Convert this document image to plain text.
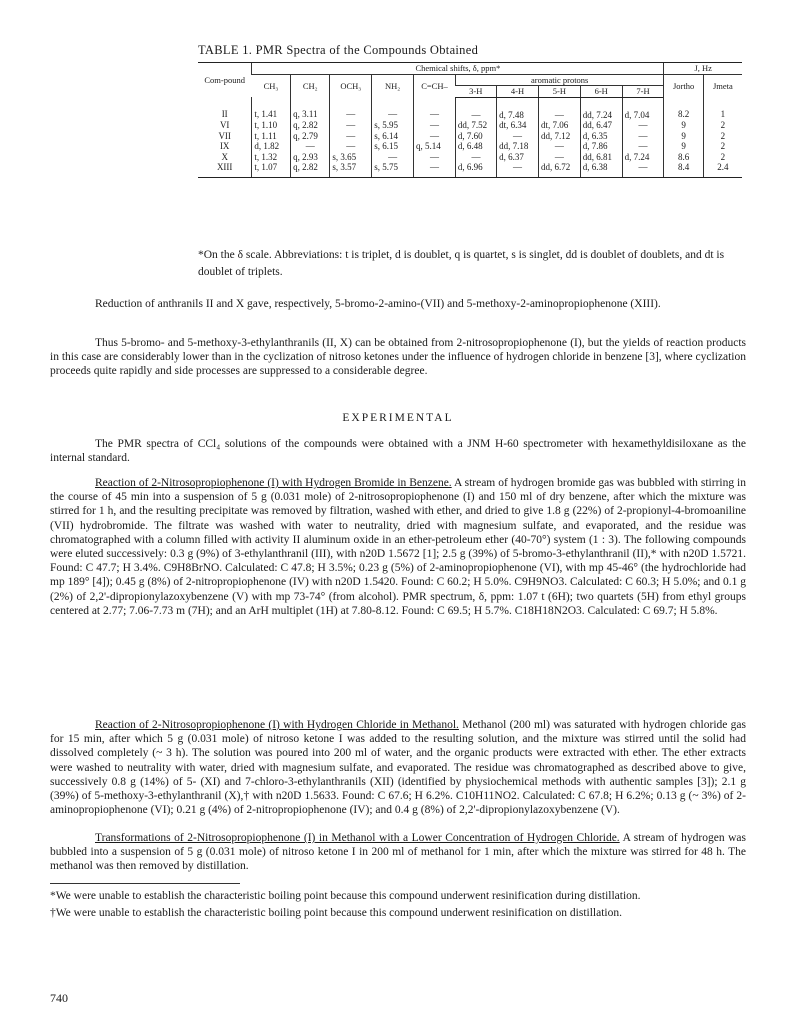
TABLE 1. PMR Spectra of the Compounds Obtained
Com-pound	Chemical shifts, δ, ppm*										J, Hz	
	CH₃	CH₂	OCH₃	NH₂	C=CH–	aromatic protons					Jortho	Jmeta
						3-H	4-H	5-H	6-H	7-H		
II	t, 1.41	q, 3.11	—	—	—	—	d, 7.48	—	dd, 7.24	d, 7.04	8.2	1
VI	t, 1.10	q, 2.82	—	s, 5.95	—	dd, 7.52	dt, 6.34	dt, 7.06	dd, 6.47	—	9	2
VII	t, 1.11	q, 2.79	—	s, 6.14	—	d, 7.60	—	dd, 7.12	d, 6.35	—	9	2
IX	d, 1.82	—	—	s, 6.15	q, 5.14	d, 6.48	dd, 7.18	—	d, 7.86	—	9	2
X	t, 1.32	q, 2.93	s, 3.65	—	—	—	d, 6.37	—	dd, 6.81	d, 7.24	8.6	2
XIII	t, 1.07	q, 2.82	s, 3.57	s, 5.75	—	d, 6.96	—	dd, 6.72	d, 6.38	—	8.4	2.4
*On the δ scale. Abbreviations: t is triplet, d is doublet, q is quartet, s is singlet, dd is doublet of doublets, and dt is doublet of triplets.

Reduction of anthranils II and X gave, respectively, 5-bromo-2-amino-(VII) and 5-methoxy-2-aminopropiophenone (XIII).

Thus 5-bromo- and 5-methoxy-3-ethylanthranils (II, X) can be obtained from 2-nitrosopropiophenone (I), but the yields of reaction products in this case are considerably lower than in the cyclization of nitroso ketones under the influence of hydrogen chloride in benzene [3], where cyclization proceeds quite rapidly and side processes are suppressed to a considerable degree.

EXPERIMENTAL

The PMR spectra of CCl₄ solutions of the compounds were obtained with a JNM H-60 spectrometer with hexamethyldisiloxane as the internal standard.

Reaction of 2-Nitrosopropiophenone (I) with Hydrogen Bromide in Benzene. A stream of hydrogen bromide gas was bubbled with stirring in the course of 45 min into a suspension of 5 g (0.031 mole) of 2-nitrosopropiophenone (I) and 150 ml of dry benzene, after which the mixture was stirred for 1 h, and the resulting precipitate was removed by filtration, washed with ether, and dried to give 1.8 g (22%) of 2-propionyl-4-bromoaniline (VII) hydrobromide. The filtrate was washed with water to neutrality, dried with magnesium sulfate, and evaporated, and the residue was chromatographed with a column filled with activity II aluminum oxide in an ether-petroleum ether (40-70°) system (1 : 3). The following compounds were eluted successively: 0.3 g (9%) of 3-ethylanthranil (III), with n20D 1.5672 [1]; 2.5 g (39%) of 5-bromo-3-ethylanthranil (II),* with n20D 1.5721. Found: C 47.7; H 3.4%. C9H8BrNO. Calculated: C 47.8; H 3.5%; 0.23 g (5%) of 2-aminopropiophenone (VI), with mp 45-46° (the hydrochloride had mp 189° [4]); 0.45 g (8%) of 2-nitropropiophenone (IV) with n20D 1.5420. Found: C 60.2; H 5.0%. C9H9NO3. Calculated: C 60.3; H 5.0%; and 0.1 g (2%) of 2,2'-dipropionylazoxybenzene (V) with mp 73-74° (from alcohol). PMR spectrum, δ, ppm: 1.07 t (6H); two quartets (5H) from ethyl groups centered at 2.77; 7.06-7.73 m (7H); and an ArH multiplet (1H) at 7.80-8.12. Found: C 69.5; H 5.7%. C18H18N2O3. Calculated: C 69.7; H 5.8%.

Reaction of 2-Nitrosopropiophenone (I) with Hydrogen Chloride in Methanol. Methanol (200 ml) was saturated with hydrogen chloride gas for 15 min, after which 5 g (0.031 mole) of nitroso ketone I was added to the resulting solution, and the mixture was stirred until the solid had dissolved completely (~ 3 h). The solution was poured into 200 ml of water, and the organic products were extracted with ether. The ether extracts were washed to neutrality with water, dried with magnesium sulfate, and evaporated. The residue was chromatographed as described above to give, successively 0.8 g (14%) of 5- (XI) and 7-chloro-3-ethylanthranils (XII) (identified by physiochemical methods with authentic samples [3]); 2.1 g (39%) of 5-methoxy-3-ethylanthranil (X),† with n20D 1.5633. Found: C 67.6; H 6.2%. C10H11NO2. Calculated: C 67.8; H 6.2%; 0.13 g (~ 3%) of 2-aminopropiophenone (VI); 0.21 g (4%) of 2-nitropropiophenone (IV); and 0.4 g (8%) of 2,2'-dipropionylazoxybenzene (V).

Transformations of 2-Nitrosopropiophenone (I) in Methanol with a Lower Concentration of Hydrogen Chloride. A stream of hydrogen was bubbled into a suspension of 5 g (0.031 mole) of nitroso ketone I in 200 ml of methanol for 1 min, after which the mixture was stirred for 48 h. The methanol was then removed by distillation.

*We were unable to establish the characteristic boiling point because this compound underwent resinification during distillation.

†We were unable to establish the characteristic boiling point because this compound underwent resinification on distillation.

740
